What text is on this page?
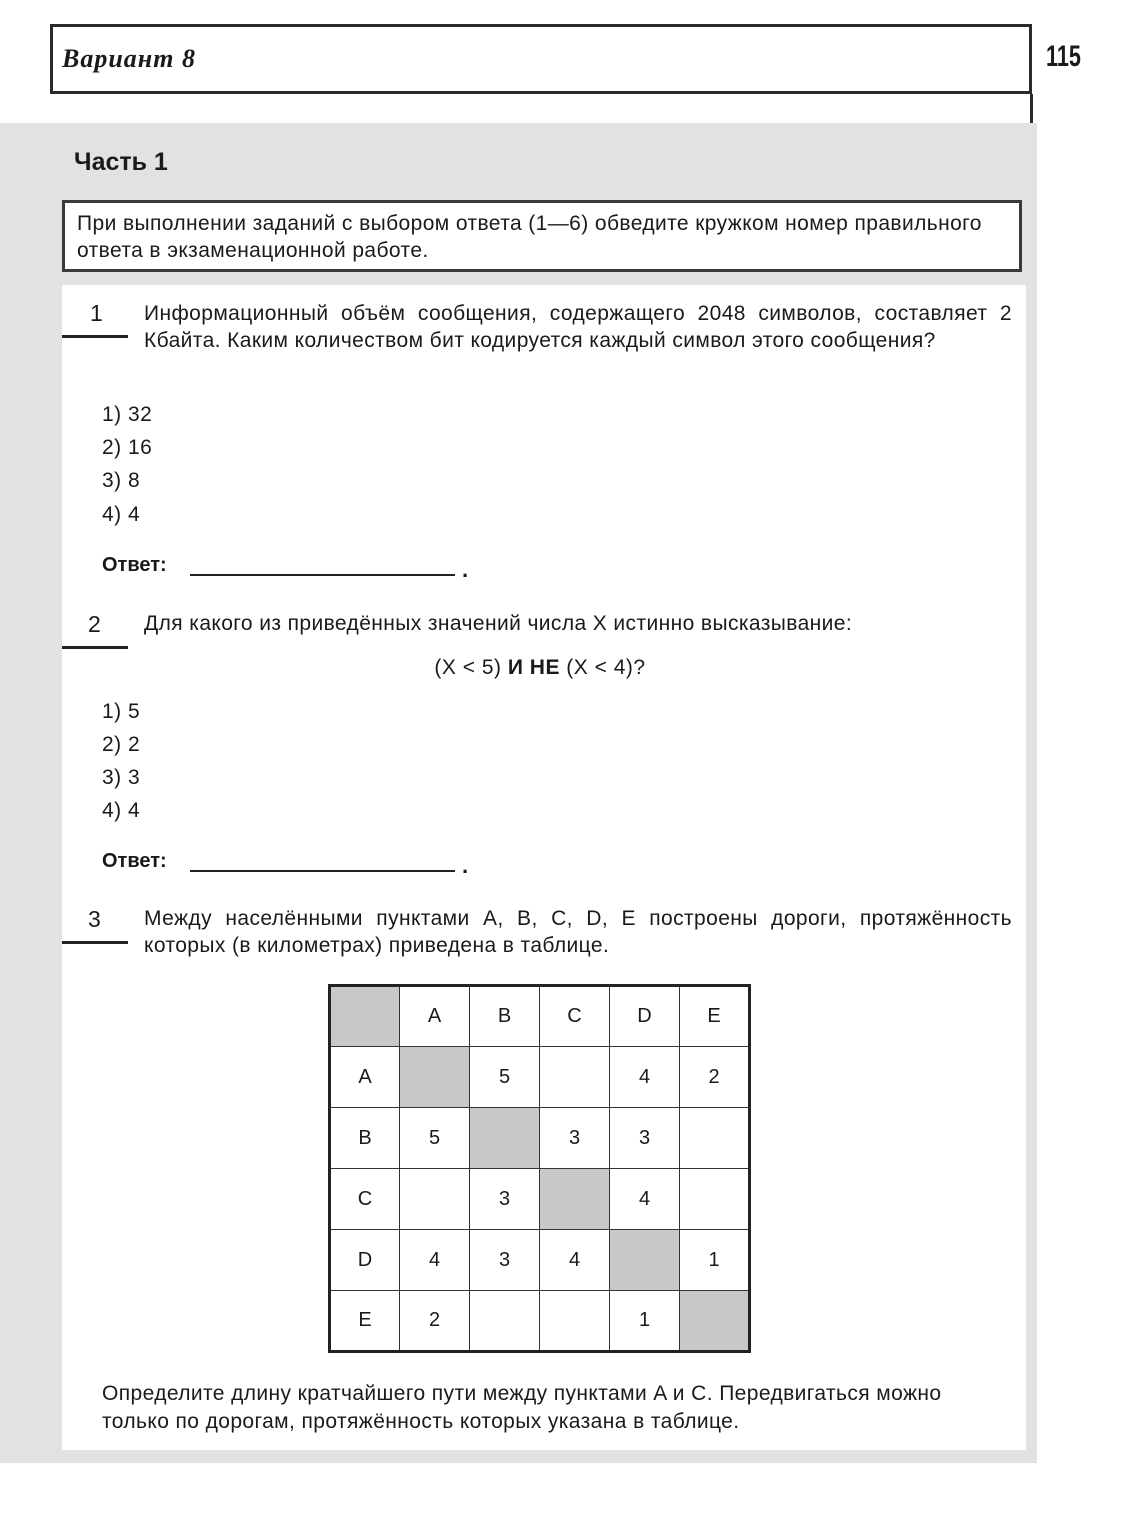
Вариант 8	115
Часть 1
При выполнении заданий с выбором ответа (1—6) обведите кружком номер правильного ответа в экзаменационной работе.
1 Информационный объём сообщения, содержащего 2048 символов, составляет 2 Кбайта. Каким количеством бит кодируется каждый символ этого сообщения?
1) 32
2) 16
3) 8
4) 4
Ответ:	.
2 Для какого из приведённых значений числа X истинно высказывание:
(X < 5) И НЕ (X < 4)?
1) 5
2) 2
3) 3
4) 4
Ответ:	.
3 Между населёнными пунктами A, B, C, D, E построены дороги, протяжённость которых (в километрах) приведена в таблице.
	A	B	C	D	E
A		5		4	2
B	5		3	3	
C		3		4	
D	4	3	4		1
E	2			1	
Определите длину кратчайшего пути между пунктами A и C. Передвигаться можно только по дорогам, протяжённость которых указана в таблице.
